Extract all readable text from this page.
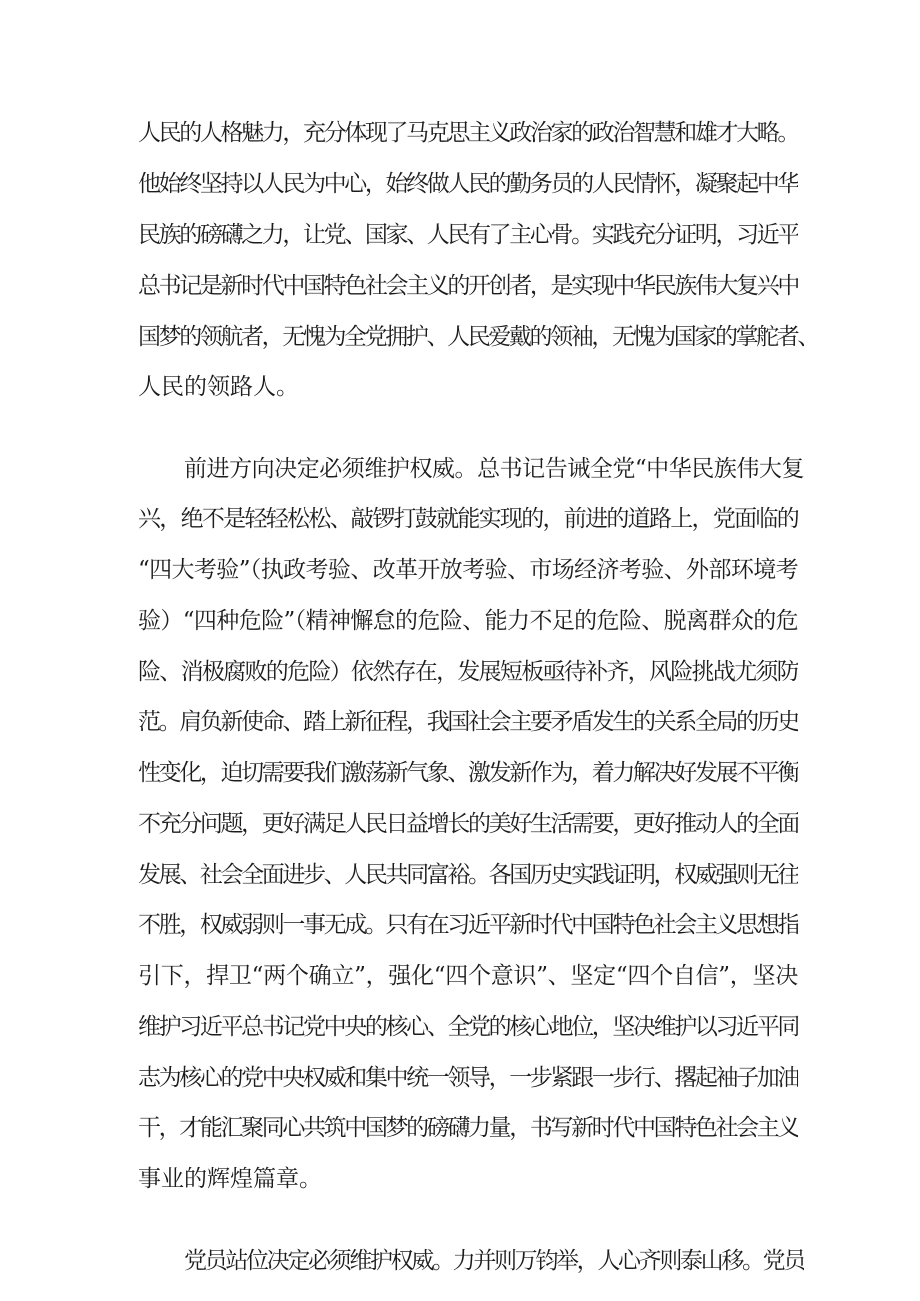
人民的人格魅力，充分体现了马克思主义政治家的政治智慧和雄才大略。
他始终坚持以人民为中心，始终做人民的勤务员的人民情怀，凝聚起中华
民族的磅礴之力，让党、国家、人民有了主心骨。实践充分证明，习近平
总书记是新时代中国特色社会主义的开创者，是实现中华民族伟大复兴中
国梦的领航者，无愧为全党拥护、人民爱戴的领袖，无愧为国家的掌舵者、
人民的领路人。
前进方向决定必须维护权威。总书记告诫全党“中华民族伟大复
兴，绝不是轻轻松松、敲锣打鼓就能实现的，前进的道路上，党面临的
“四大考验”（执政考验、改革开放考验、市场经济考验、外部环境考
验）“四种危险”（精神懈怠的危险、能力不足的危险、脱离群众的危
险、消极腐败的危险）依然存在，发展短板亟待补齐，风险挑战尤须防
范。肩负新使命、踏上新征程，我国社会主要矛盾发生的关系全局的历史
性变化，迫切需要我们激荡新气象、激发新作为，着力解决好发展不平衡
不充分问题，更好满足人民日益增长的美好生活需要，更好推动人的全面
发展、社会全面进步、人民共同富裕。各国历史实践证明，权威强则无往
不胜，权威弱则一事无成。只有在习近平新时代中国特色社会主义思想指
引下，捍卫“两个确立”，强化“四个意识”、坚定“四个自信”，坚决
维护习近平总书记党中央的核心、全党的核心地位，坚决维护以习近平同
志为核心的党中央权威和集中统一领导，一步紧跟一步行、撂起袖子加油
干，才能汇聚同心共筑中国梦的磅礴力量，书写新时代中国特色社会主义
事业的辉煌篇章。
党员站位决定必须维护权威。力并则万钧举，人心齐则泰山移。党员
